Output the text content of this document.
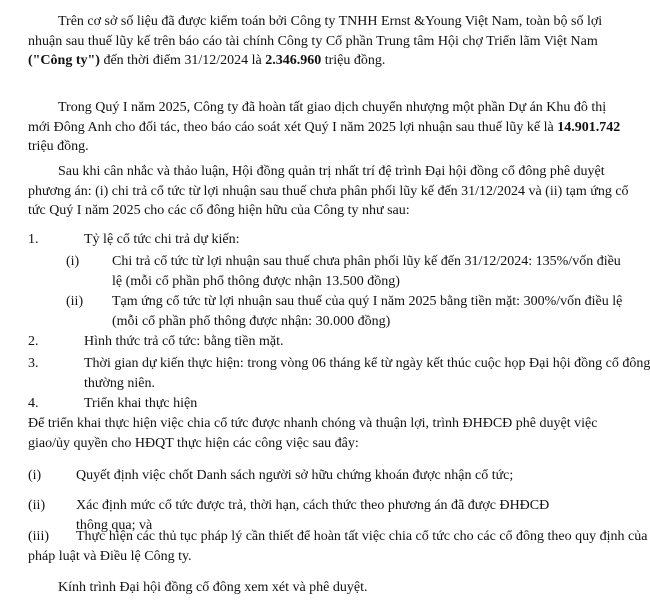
Trên cơ sở số liệu đã được kiểm toán bởi Công ty TNHH Ernst &Young Việt Nam, toàn bộ số lợi
nhuận sau thuế lũy kế trên báo cáo tài chính Công ty Cổ phần Trung tâm Hội chợ Triển lãm Việt Nam
("Công ty") đến thời điểm 31/12/2024 là 2.346.960 triệu đồng.
Trong Quý I năm 2025, Công ty đã hoàn tất giao dịch chuyển nhượng một phần Dự án Khu đô thị
mới Đông Anh cho đối tác, theo báo cáo soát xét Quý I năm 2025 lợi nhuận sau thuế lũy kế là 14.901.742
triệu đồng.
Sau khi cân nhắc và thảo luận, Hội đồng quản trị nhất trí đệ trình Đại hội đồng cổ đông phê duyệt
phương án: (i) chi trả cổ tức từ lợi nhuận sau thuế chưa phân phối lũy kế đến 31/12/2024 và (ii) tạm ứng cổ
tức Quý I năm 2025 cho các cổ đông hiện hữu của Công ty như sau:
1.	Tỷ lệ cổ tức chi trả dự kiến:
(i) Chi trả cổ tức từ lợi nhuận sau thuế chưa phân phối lũy kế đến 31/12/2024: 135%/vốn điều
lệ (mỗi cổ phần phổ thông được nhận 13.500 đồng)
(ii) Tạm ứng cổ tức từ lợi nhuận sau thuế của quý I năm 2025 bằng tiền mặt: 300%/vốn điều lệ
(mỗi cổ phần phổ thông được nhận: 30.000 đồng)
2.	Hình thức trả cổ tức: bằng tiền mặt.
3.	Thời gian dự kiến thực hiện: trong vòng 06 tháng kể từ ngày kết thúc cuộc họp Đại hội đồng cổ đông
thường niên.
4.	Triển khai thực hiện
Để triển khai thực hiện việc chia cổ tức được nhanh chóng và thuận lợi, trình ĐHĐCĐ phê duyệt việc
giao/ủy quyền cho HĐQT thực hiện các công việc sau đây:
(i) Quyết định việc chốt Danh sách người sở hữu chứng khoán được nhận cổ tức;
(ii) Xác định mức cổ tức được trả, thời hạn, cách thức theo phương án đã được ĐHĐCĐ thông qua; và
(iii) Thực hiện các thủ tục pháp lý cần thiết để hoàn tất việc chia cổ tức cho các cổ đông theo quy định của
pháp luật và Điều lệ Công ty.
Kính trình Đại hội đồng cổ đông xem xét và phê duyệt.
